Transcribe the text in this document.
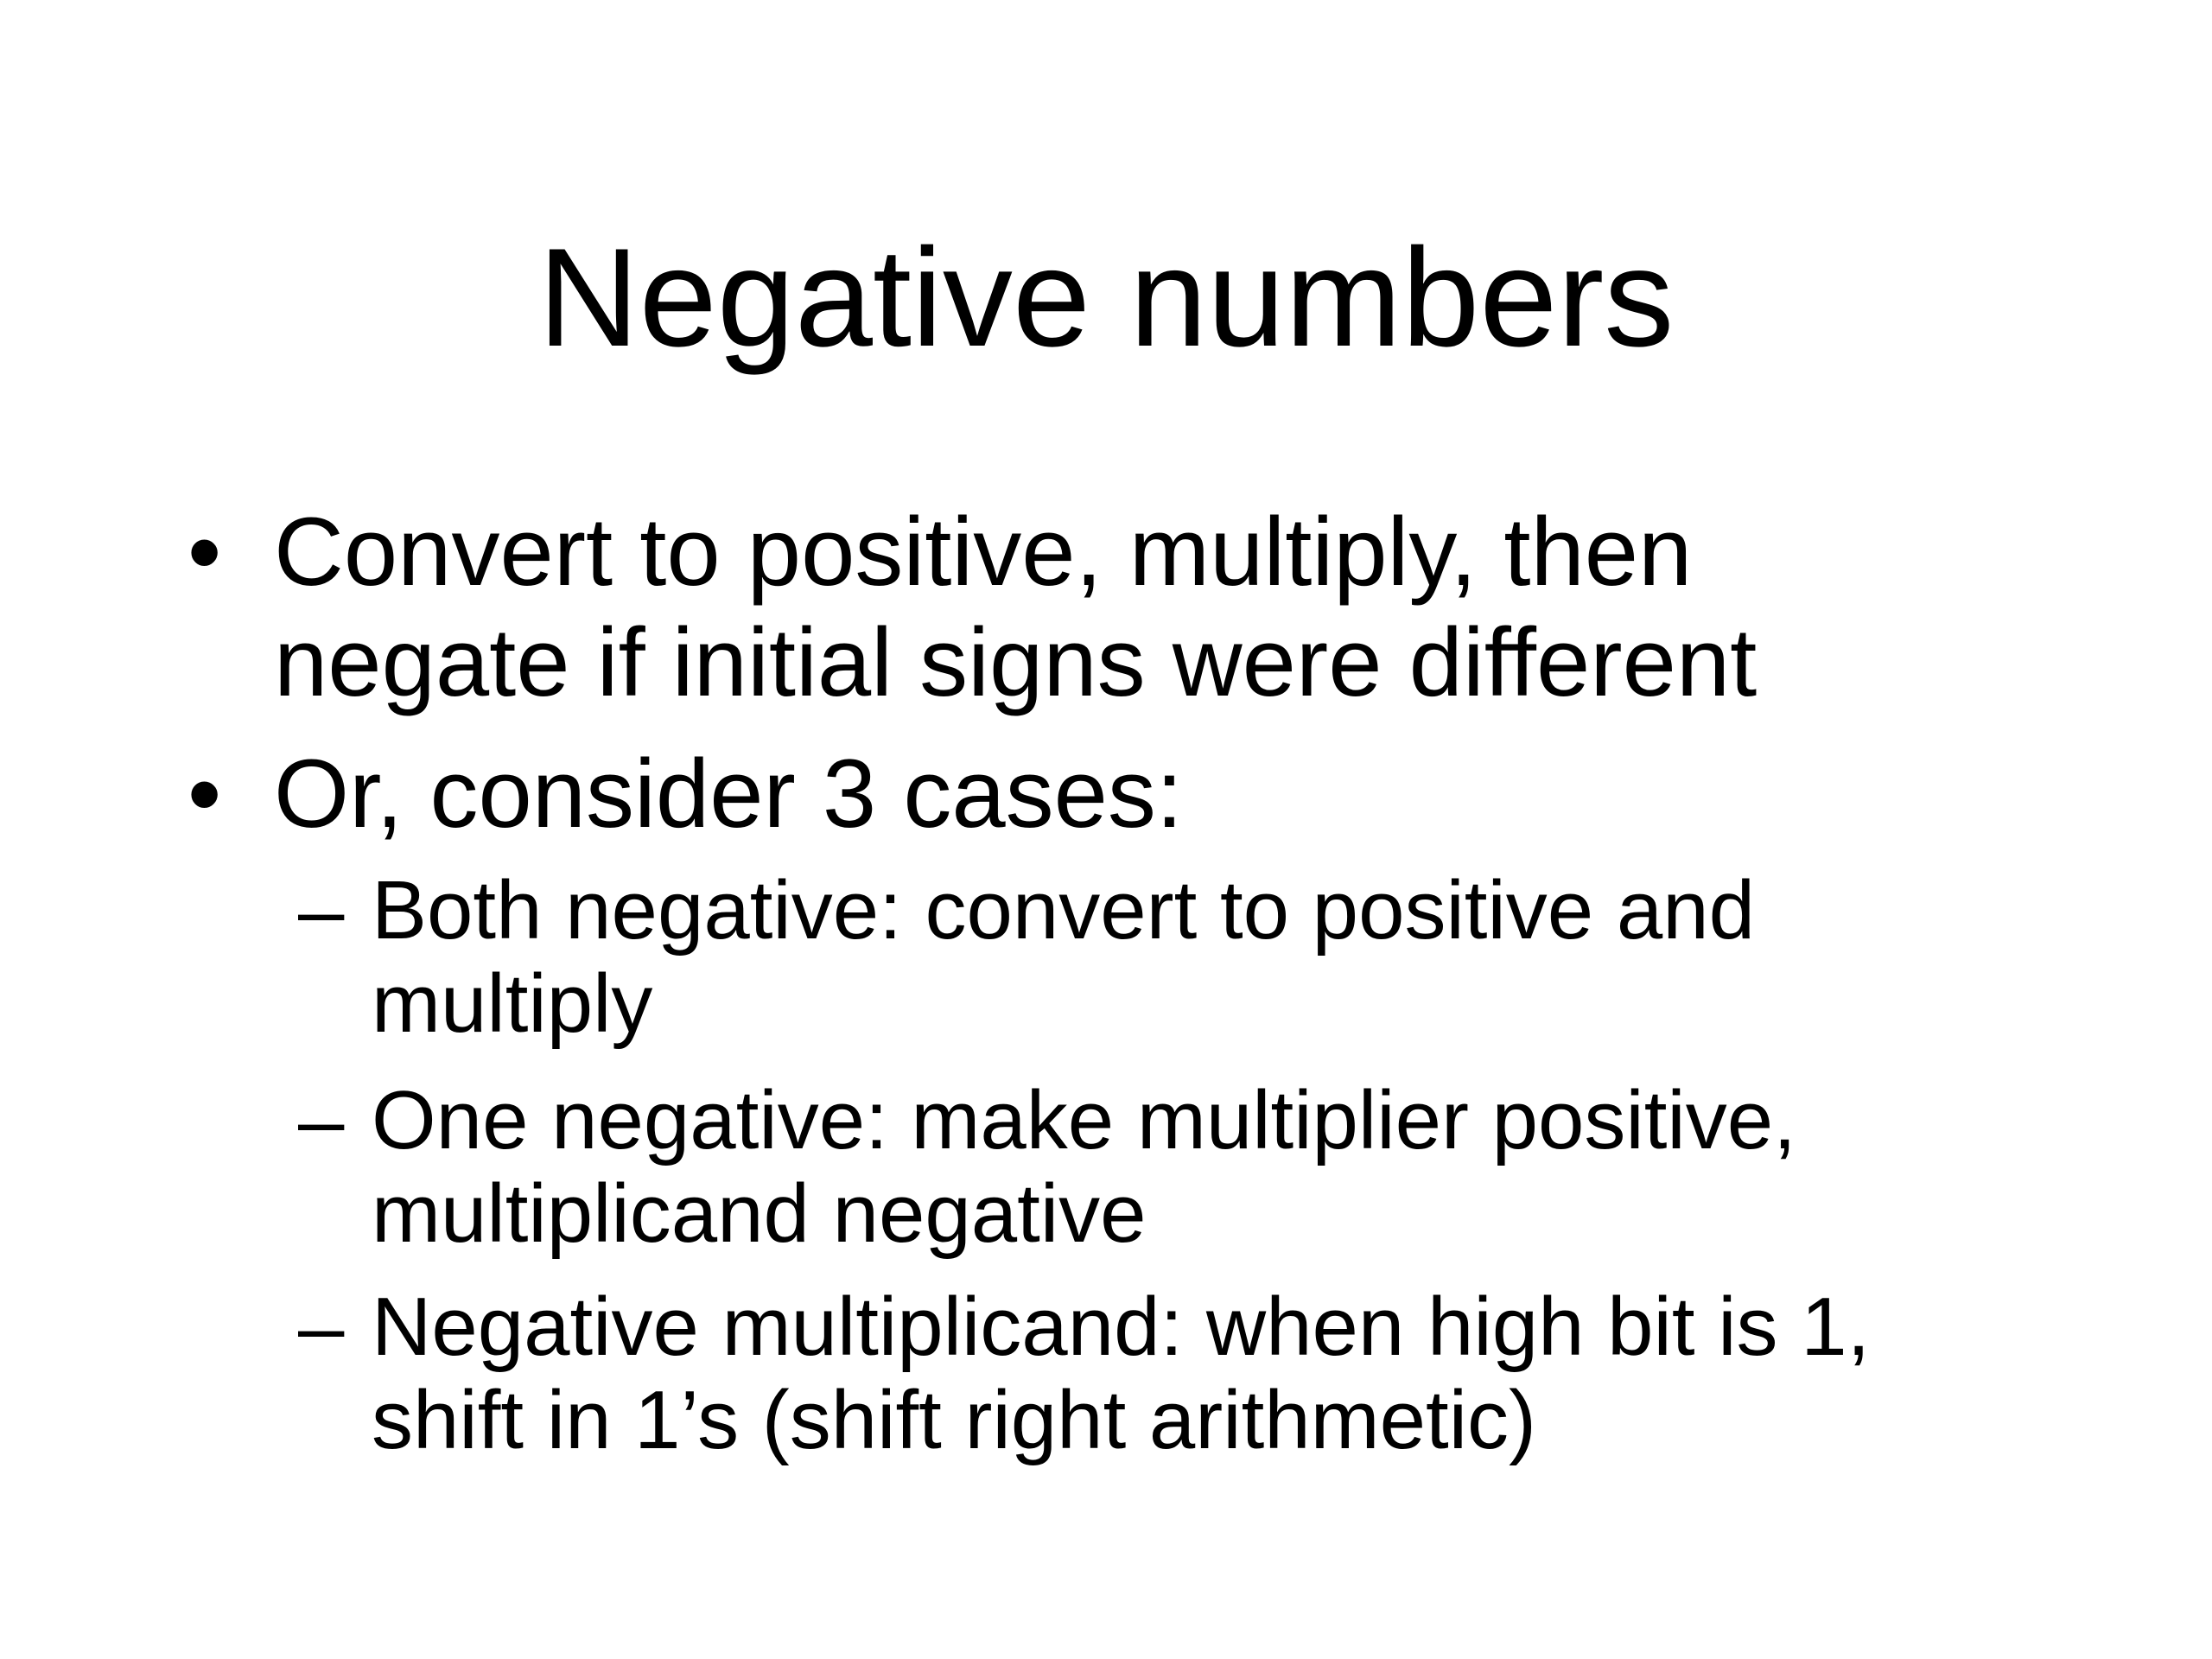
Negative numbers
• Convert to positive, multiply, then
negate if initial signs were different
• Or, consider 3 cases:
– Both negative: convert to positive and
multiply
– One negative: make multiplier positive,
multiplicand negative
– Negative multiplicand: when high bit is 1,
shift in 1’s (shift right arithmetic)
